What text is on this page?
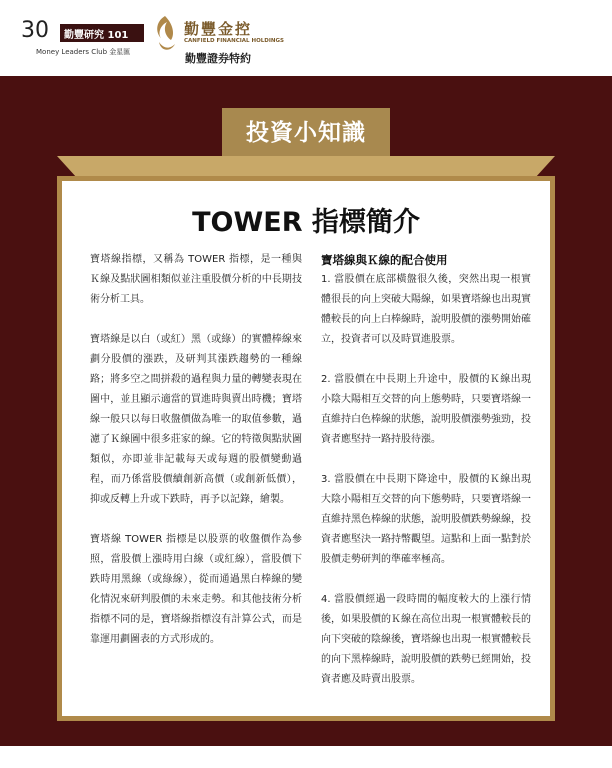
30 勤豐研究 101
Money Leaders Club 金星匯
勤豐金控
CANFIELD FINANCIAL HOLDINGS
勤豐證券特約
投資小知識
TOWER 指標簡介

寶塔線指標，又稱為 TOWER 指標，是一種與Ｋ線及點狀圖相類似並注重股價分析的中長期技術分析工具。

寶塔線是以白（或紅）黑（或綠）的實體棒線來劃分股價的漲跌，及研判其漲跌趨勢的一種線路；將多空之間拼殺的過程與力量的轉變表現在圖中，並且顯示適當的買進時與賣出時機；寶塔線一般只以每日收盤價做為唯一的取值參數，過濾了Ｋ線圖中很多莊家的線。它的特徵與點狀圖類似，亦即並非記載每天或每週的股價變動過程，而乃係當股價續創新高價（或創新低價），抑或反轉上升或下跌時，再予以記錄，繪製。

寶塔線 TOWER 指標是以股票的收盤價作為參照，當股價上漲時用白線（或紅線），當股價下跌時用黑線（或綠線），從而通過黑白棒線的變化情況來研判股價的未來走勢。和其他技術分析指標不同的是，寶塔線指標沒有計算公式，而是靠運用劃圖表的方式形成的。

寶塔線與Ｋ線的配合使用

1. 當股價在底部橫盤很久後，突然出現一根實體很長的向上突破大陽線，如果寶塔線也出現實體較長的向上白棒線時，說明股價的漲勢開始確立，投資者可以及時買進股票。

2. 當股價在中長期上升途中，股價的Ｋ線出現小陰大陽相互交替的向上態勢時，只要寶塔線一直維持白色棒線的狀態，說明股價漲勢強勁，投資者應堅持一路持股待漲。

3. 當股價在中長期下降途中，股價的Ｋ線出現大陰小陽相互交替的向下態勢時，只要寶塔線一直維持黑色棒線的狀態，說明股價跌勢線線，投資者應堅決一路持幣觀望。這點和上面一點對於股價走勢研判的準確率極高。

4. 當股價經過一段時間的幅度較大的上漲行情後，如果股價的Ｋ線在高位出現一根實體較長的向下突破的陰線後，寶塔線也出現一根實體較長的向下黑棒線時，說明股價的跌勢已經開始，投資者應及時賣出股票。
